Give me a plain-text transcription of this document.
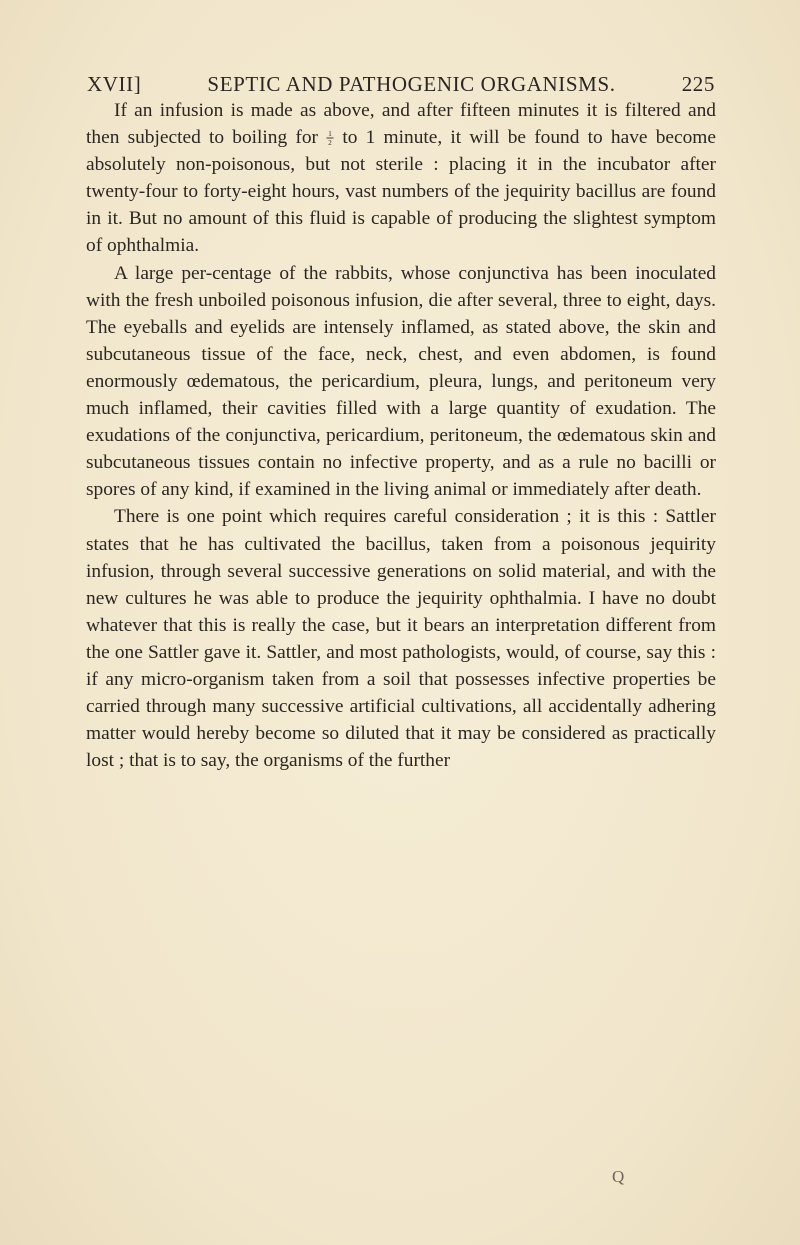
XVII]	SEPTIC AND PATHOGENIC ORGANISMS.	225

If an infusion is made as above, and after fifteen minutes it is filtered and then subjected to boiling for 1
2 to 1 minute, it will be found to have become absolutely non-poisonous, but not sterile : placing it in the incubator after twenty-four to forty-eight hours, vast numbers of the jequirity bacillus are found in it. But no amount of this fluid is capable of producing the slightest symptom of ophthalmia.

A large per-centage of the rabbits, whose conjunctiva has been inoculated with the fresh unboiled poisonous infusion, die after several, three to eight, days. The eyeballs and eyelids are intensely inflamed, as stated above, the skin and subcutaneous tissue of the face, neck, chest, and even abdomen, is found enormously œdematous, the pericardium, pleura, lungs, and peritoneum very much inflamed, their cavities filled with a large quantity of exudation. The exudations of the conjunctiva, pericardium, peritoneum, the œdematous skin and subcutaneous tissues contain no infective property, and as a rule no bacilli or spores of any kind, if examined in the living animal or immediately after death.

There is one point which requires careful consideration ; it is this : Sattler states that he has cultivated the bacillus, taken from a poisonous jequirity infusion, through several successive generations on solid material, and with the new cultures he was able to produce the jequirity ophthalmia. I have no doubt whatever that this is really the case, but it bears an interpretation different from the one Sattler gave it. Sattler, and most pathologists, would, of course, say this : if any micro-organism taken from a soil that possesses infective properties be carried through many successive artificial cultivations, all accidentally adhering matter would hereby become so diluted that it may be considered as practically lost ; that is to say, the organisms of the further

Q
